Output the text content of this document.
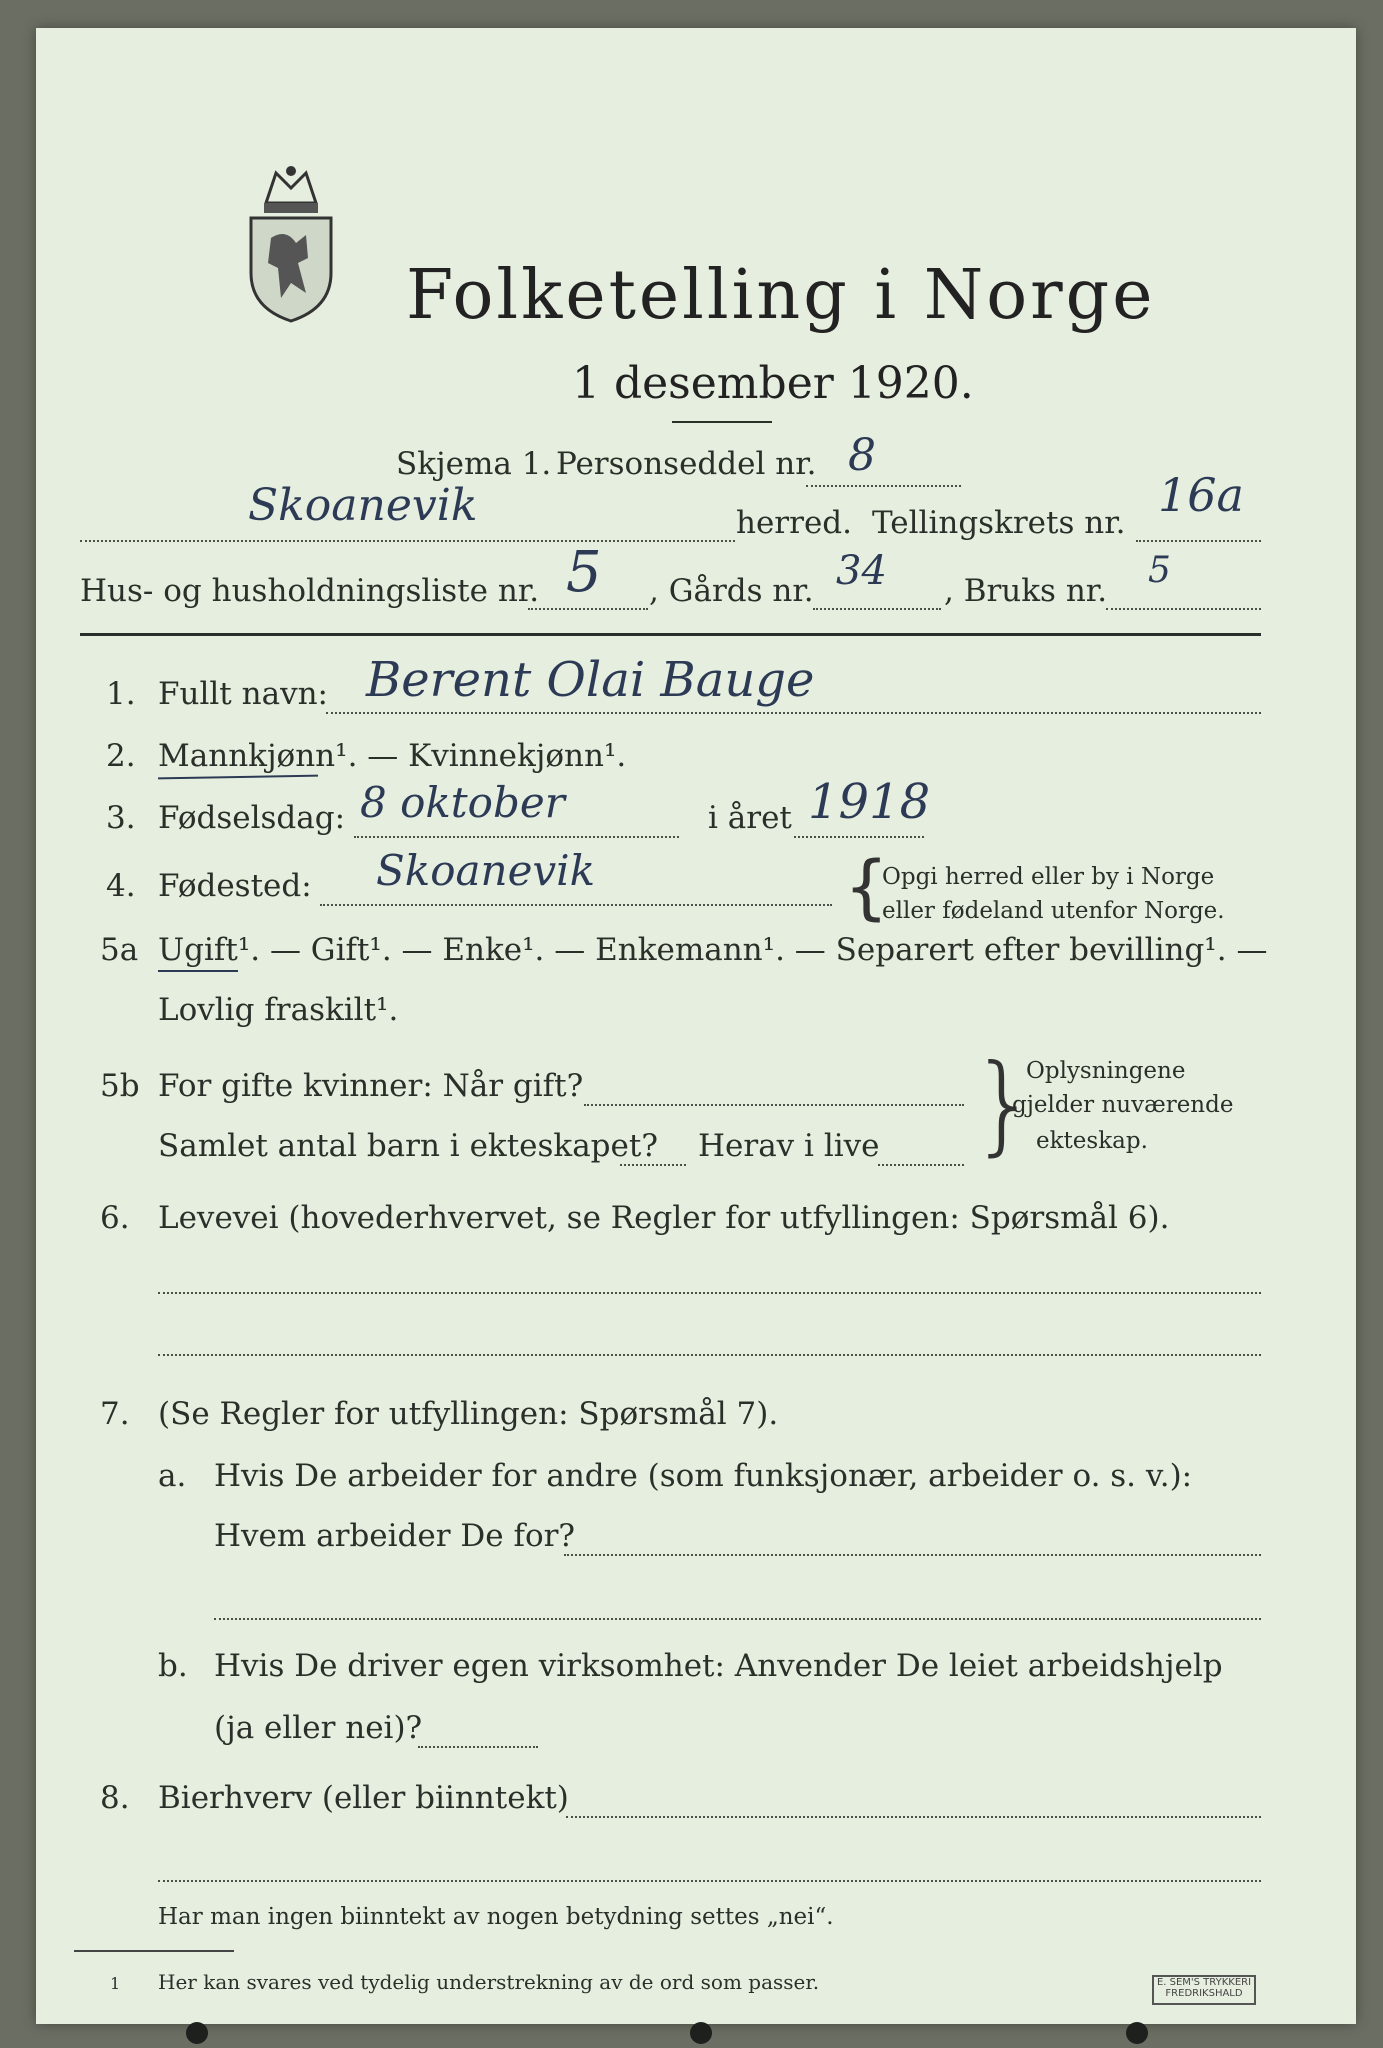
Folketelling i Norge
1 desember 1920.
Skjema 1. Personseddel nr. 8
Skoanevik	herred. Tellingskrets nr.
16a
Hus- og husholdningsliste nr. 5 , Gårds nr. 34 , Bruks nr. 5
1. Fullt navn: Berent Olai Bauge
2. Mannkjønn¹. — Kvinnekjønn¹.
3. Fødselsdag: 8 oktober	i året 1918
4. Fødested: Skoanevik	{
Opgi herred eller by i Norge
eller fødeland utenfor Norge.
5a Ugift¹. — Gift¹. — Enke¹. — Enkemann¹. — Separert efter bevilling¹. —
Lovlig fraskilt¹.
5b For gifte kvinner: Når gift?
Samlet antal barn i ekteskapet? Herav i live }
Oplysningene
gjelder nuværende
ekteskap.
6. Levevei (hovederhvervet, se Regler for utfyllingen: Spørsmål 6).
7. (Se Regler for utfyllingen: Spørsmål 7).
a. Hvis De arbeider for andre (som funksjonær, arbeider o. s. v.):
Hvem arbeider De for?
b. Hvis De driver egen virksomhet: Anvender De leiet arbeidshjelp
(ja eller nei)?
8. Bierhverv (eller biinntekt)
Har man ingen biinntekt av nogen betydning settes „nei“.
1 Her kan svares ved tydelig understrekning av de ord som passer.	E. SEM'S TRYKKERI FREDRIKSHALD
